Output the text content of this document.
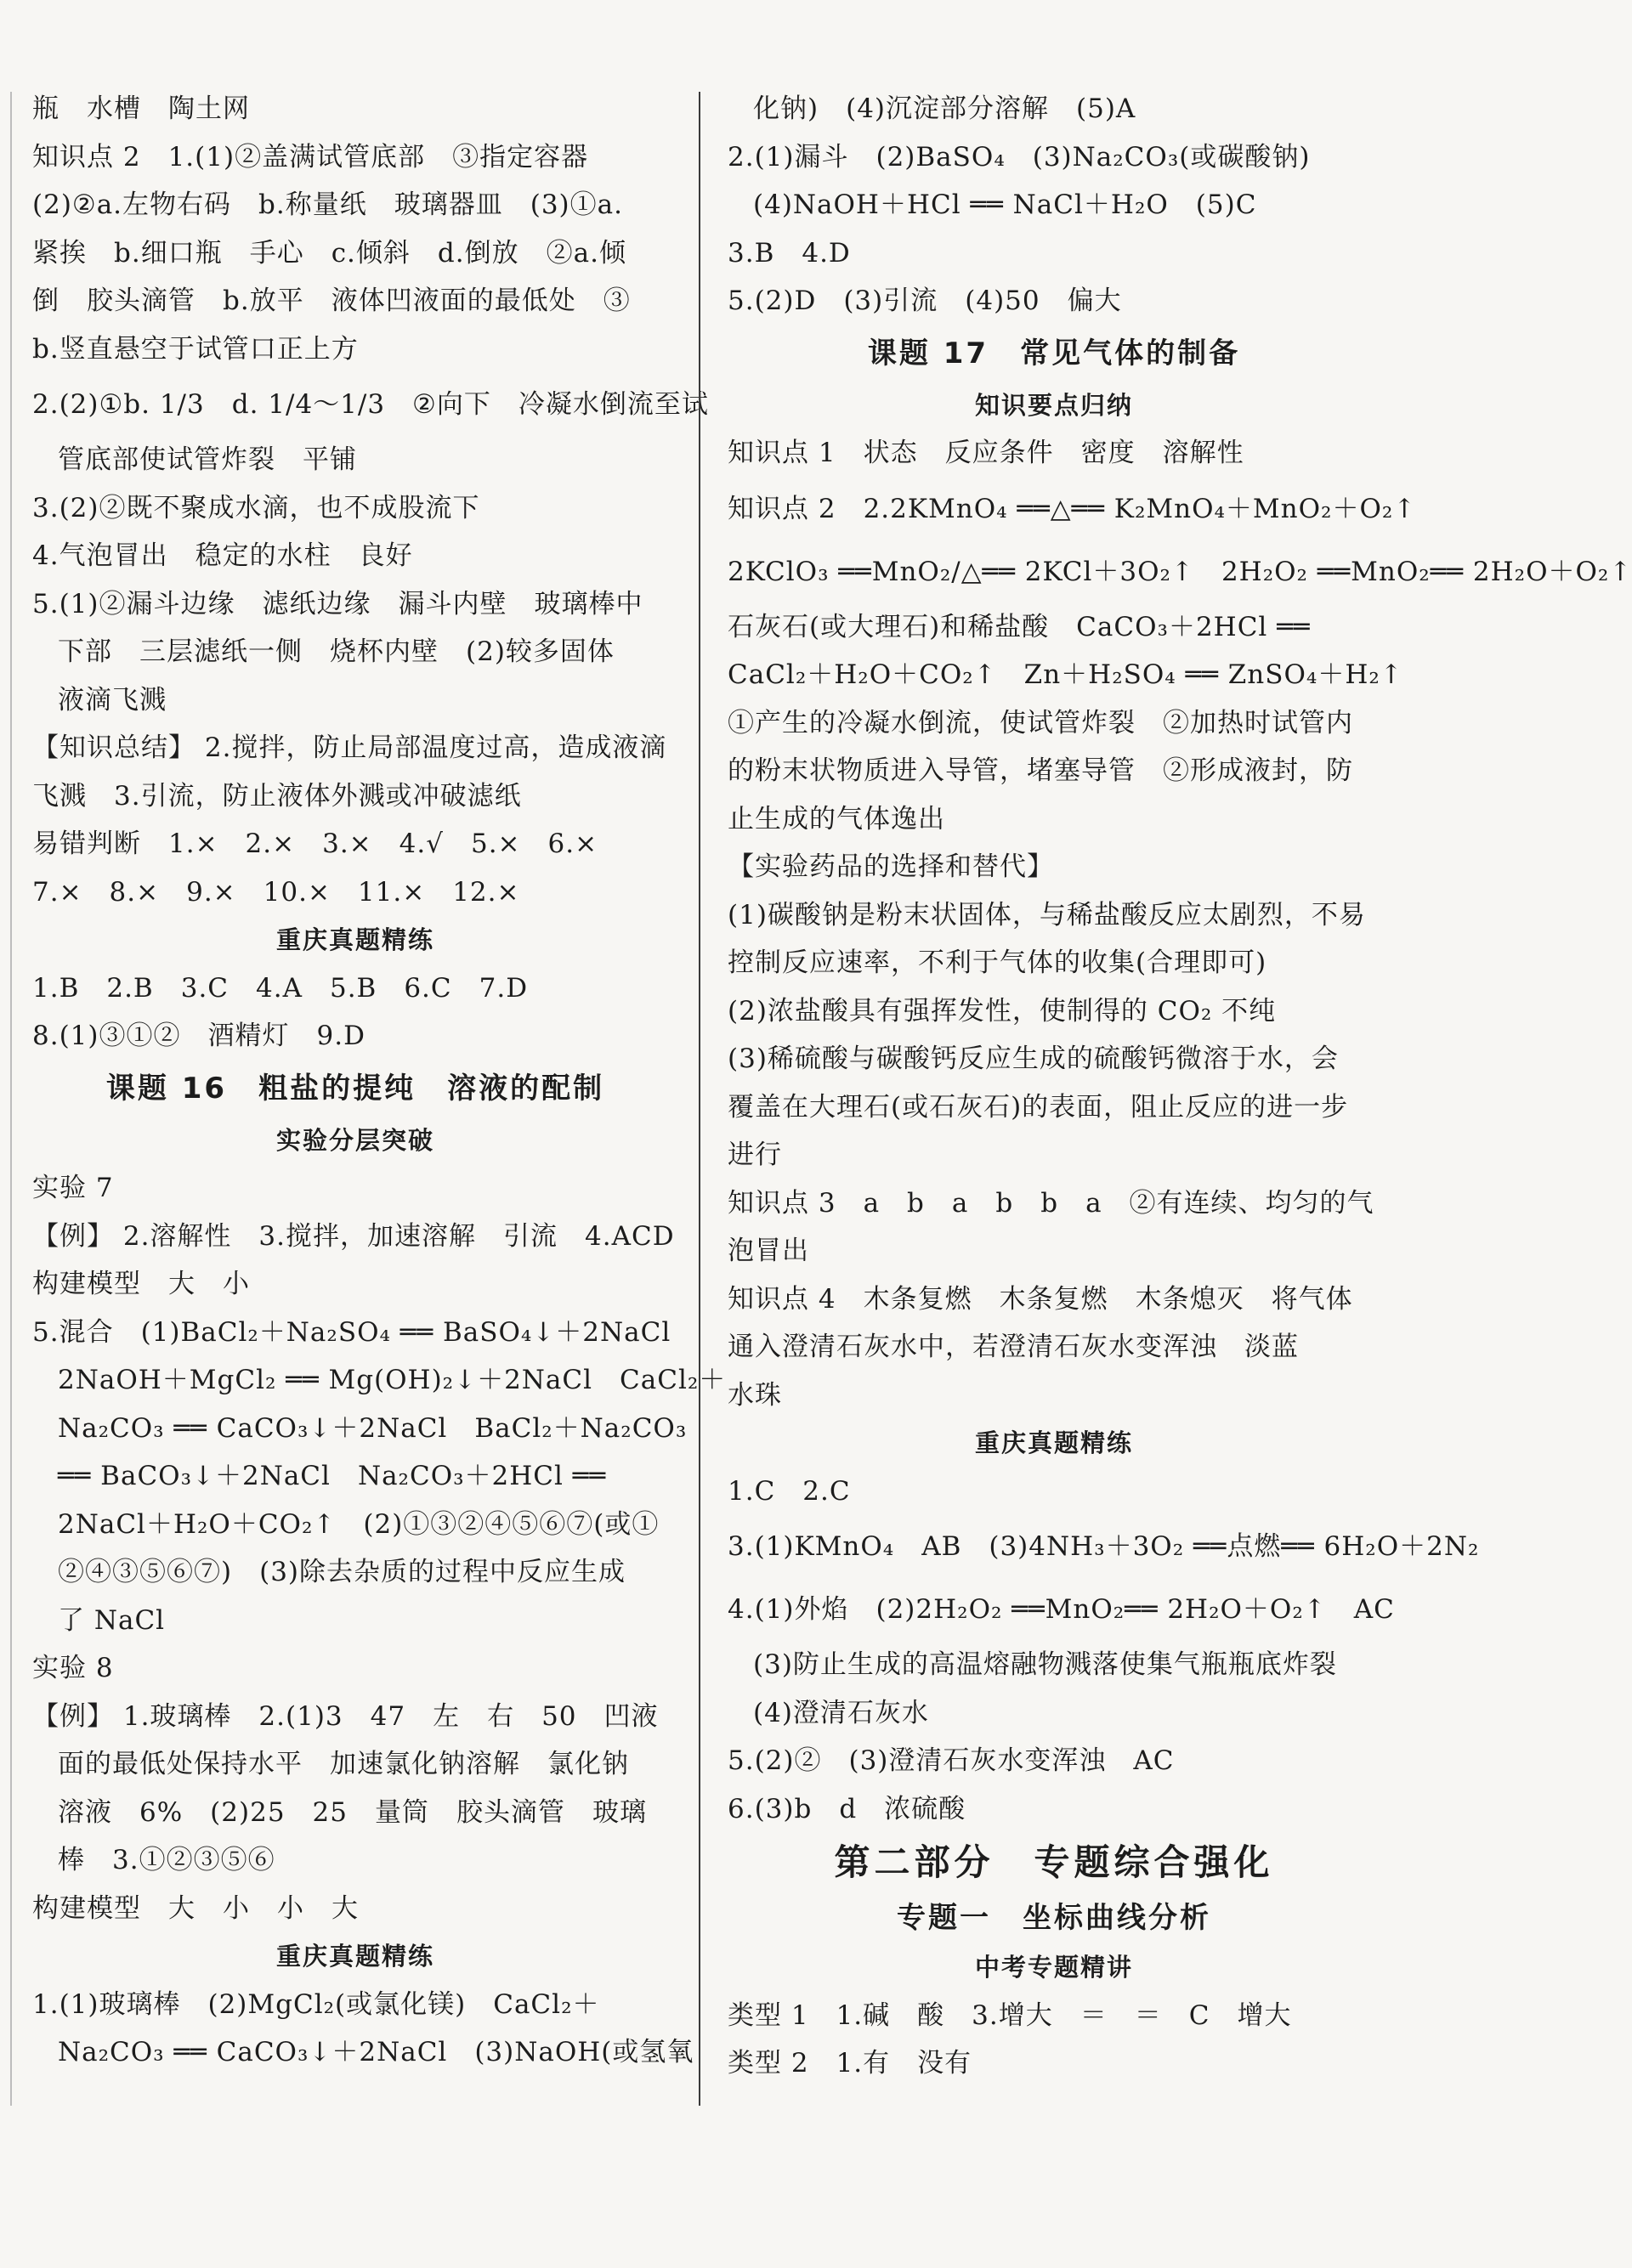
瓶　水槽　陶土网
知识点 2　1.(1)②盖满试管底部　③指定容器
(2)②a.左物右码　b.称量纸　玻璃器皿　(3)①a.
紧挨　b.细口瓶　手心　c.倾斜　d.倒放　②a.倾
倒　胶头滴管　b.放平　液体凹液面的最低处　③
b.竖直悬空于试管口正上方
2.(2)①b. 1/3　d. 1/4～1/3　②向下　冷凝水倒流至试
管底部使试管炸裂　平铺
3.(2)②既不聚成水滴，也不成股流下
4.气泡冒出　稳定的水柱　良好
5.(1)②漏斗边缘　滤纸边缘　漏斗内壁　玻璃棒中
下部　三层滤纸一侧　烧杯内壁　(2)较多固体
液滴飞溅
【知识总结】 2.搅拌，防止局部温度过高，造成液滴
飞溅　3.引流，防止液体外溅或冲破滤纸
易错判断　1.×　2.×　3.×　4.√　5.×　6.×
7.×　8.×　9.×　10.×　11.×　12.×
重庆真题精练
1.B　2.B　3.C　4.A　5.B　6.C　7.D
8.(1)③①②　酒精灯　9.D
课题 16　粗盐的提纯　溶液的配制
实验分层突破
实验 7
【例】 2.溶解性　3.搅拌，加速溶解　引流　4.ACD
构建模型　大　小
5.混合　(1)BaCl₂＋Na₂SO₄ ══ BaSO₄↓＋2NaCl
2NaOH＋MgCl₂ ══ Mg(OH)₂↓＋2NaCl　CaCl₂＋
Na₂CO₃ ══ CaCO₃↓＋2NaCl　BaCl₂＋Na₂CO₃
══ BaCO₃↓＋2NaCl　Na₂CO₃＋2HCl ══
2NaCl＋H₂O＋CO₂↑　(2)①③②④⑤⑥⑦(或①
②④③⑤⑥⑦)　(3)除去杂质的过程中反应生成
了 NaCl
实验 8
【例】 1.玻璃棒　2.(1)3　47　左　右　50　凹液
面的最低处保持水平　加速氯化钠溶解　氯化钠
溶液　6%　(2)25　25　量筒　胶头滴管　玻璃
棒　3.①②③⑤⑥
构建模型　大　小　小　大
重庆真题精练
1.(1)玻璃棒　(2)MgCl₂(或氯化镁)　CaCl₂＋
Na₂CO₃ ══ CaCO₃↓＋2NaCl　(3)NaOH(或氢氧
化钠)　(4)沉淀部分溶解　(5)A
2.(1)漏斗　(2)BaSO₄　(3)Na₂CO₃(或碳酸钠)
(4)NaOH＋HCl ══ NaCl＋H₂O　(5)C
3.B　4.D
5.(2)D　(3)引流　(4)50　偏大
课题 17　常见气体的制备
知识要点归纳
知识点 1　状态　反应条件　密度　溶解性
知识点 2　2.2KMnO₄ ══△══ K₂MnO₄＋MnO₂＋O₂↑
2KClO₃ ══MnO₂/△══ 2KCl＋3O₂↑　2H₂O₂ ══MnO₂══ 2H₂O＋O₂↑
石灰石(或大理石)和稀盐酸　CaCO₃＋2HCl ══
CaCl₂＋H₂O＋CO₂↑　Zn＋H₂SO₄ ══ ZnSO₄＋H₂↑
①产生的冷凝水倒流，使试管炸裂　②加热时试管内
的粉末状物质进入导管，堵塞导管　②形成液封，防
止生成的气体逸出
【实验药品的选择和替代】
(1)碳酸钠是粉末状固体，与稀盐酸反应太剧烈，不易
控制反应速率，不利于气体的收集(合理即可)
(2)浓盐酸具有强挥发性，使制得的 CO₂ 不纯
(3)稀硫酸与碳酸钙反应生成的硫酸钙微溶于水，会
覆盖在大理石(或石灰石)的表面，阻止反应的进一步
进行
知识点 3　a　b　a　b　b　a　②有连续、均匀的气
泡冒出
知识点 4　木条复燃　木条复燃　木条熄灭　将气体
通入澄清石灰水中，若澄清石灰水变浑浊　淡蓝
水珠
重庆真题精练
1.C　2.C
3.(1)KMnO₄　AB　(3)4NH₃＋3O₂ ══点燃══ 6H₂O＋2N₂
4.(1)外焰　(2)2H₂O₂ ══MnO₂══ 2H₂O＋O₂↑　AC
(3)防止生成的高温熔融物溅落使集气瓶瓶底炸裂
(4)澄清石灰水
5.(2)②　(3)澄清石灰水变浑浊　AC
6.(3)b　d　浓硫酸
第二部分　专题综合强化
专题一　坐标曲线分析
中考专题精讲
类型 1　1.碱　酸　3.增大　＝　＝　C　增大
类型 2　1.有　没有
